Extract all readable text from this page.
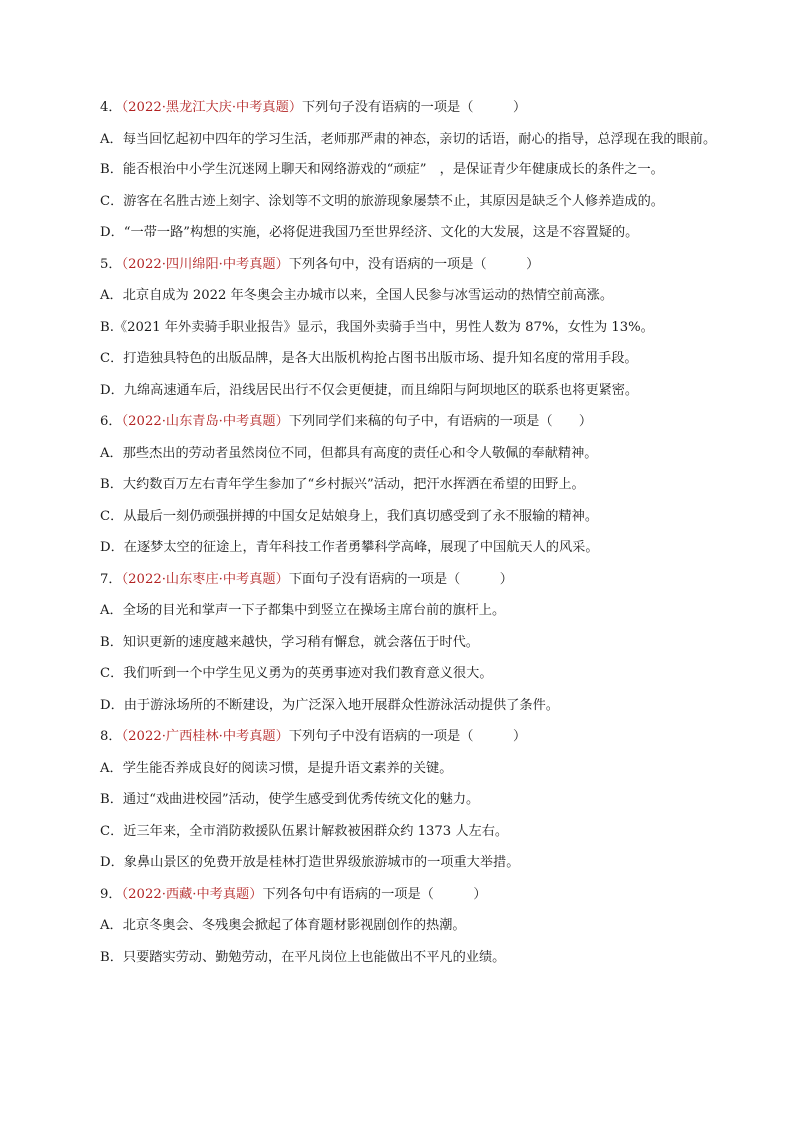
4．（2022·黑龙江大庆·中考真题）下列句子没有语病的一项是（　　　）
A．每当回忆起初中四年的学习生活，老师那严肃的神态，亲切的话语，耐心的指导，总浮现在我的眼前。
B．能否根治中小学生沉迷网上聊天和网络游戏的“顽症”　，是保证青少年健康成长的条件之一。
C．游客在名胜古迹上刻字、涂划等不文明的旅游现象屡禁不止，其原因是缺乏个人修养造成的。
D．“一带一路”构想的实施，必将促进我国乃至世界经济、文化的大发展，这是不容置疑的。
5．（2022·四川绵阳·中考真题）下列各句中，没有语病的一项是（　　　）
A．北京自成为 2022 年冬奥会主办城市以来，全国人民参与冰雪运动的热情空前高涨。
B.《2021 年外卖骑手职业报告》显示，我国外卖骑手当中，男性人数为 87%，女性为 13%。
C．打造独具特色的出版品牌，是各大出版机构抢占图书出版市场、提升知名度的常用手段。
D．九绵高速通车后，沿线居民出行不仅会更便捷，而且绵阳与阿坝地区的联系也将更紧密。
6．（2022·山东青岛·中考真题）下列同学们来稿的句子中，有语病的一项是（　　）
A．那些杰出的劳动者虽然岗位不同，但都具有高度的责任心和令人敬佩的奉献精神。
B．大约数百万左右青年学生参加了“乡村振兴”活动，把汗水挥洒在希望的田野上。
C．从最后一刻仍顽强拼搏的中国女足姑娘身上，我们真切感受到了永不服输的精神。
D．在逐梦太空的征途上，青年科技工作者勇攀科学高峰，展现了中国航天人的风采。
7．（2022·山东枣庄·中考真题）下面句子没有语病的一项是（　　　）
A．全场的目光和掌声一下子都集中到竖立在操场主席台前的旗杆上。
B．知识更新的速度越来越快，学习稍有懈怠，就会落伍于时代。
C．我们听到一个中学生见义勇为的英勇事迹对我们教育意义很大。
D．由于游泳场所的不断建设，为广泛深入地开展群众性游泳活动提供了条件。
8．（2022·广西桂林·中考真题）下列句子中没有语病的一项是（　　　）
A．学生能否养成良好的阅读习惯，是提升语文素养的关键。
B．通过“戏曲进校园”活动，使学生感受到优秀传统文化的魅力。
C．近三年来，全市消防救援队伍累计解救被困群众约 1373 人左右。
D．象鼻山景区的免费开放是桂林打造世界级旅游城市的一项重大举措。
9．（2022·西藏·中考真题）下列各句中有语病的一项是（　　　）
A．北京冬奥会、冬残奥会掀起了体育题材影视剧创作的热潮。
B．只要踏实劳动、勤勉劳动，在平凡岗位上也能做出不平凡的业绩。
